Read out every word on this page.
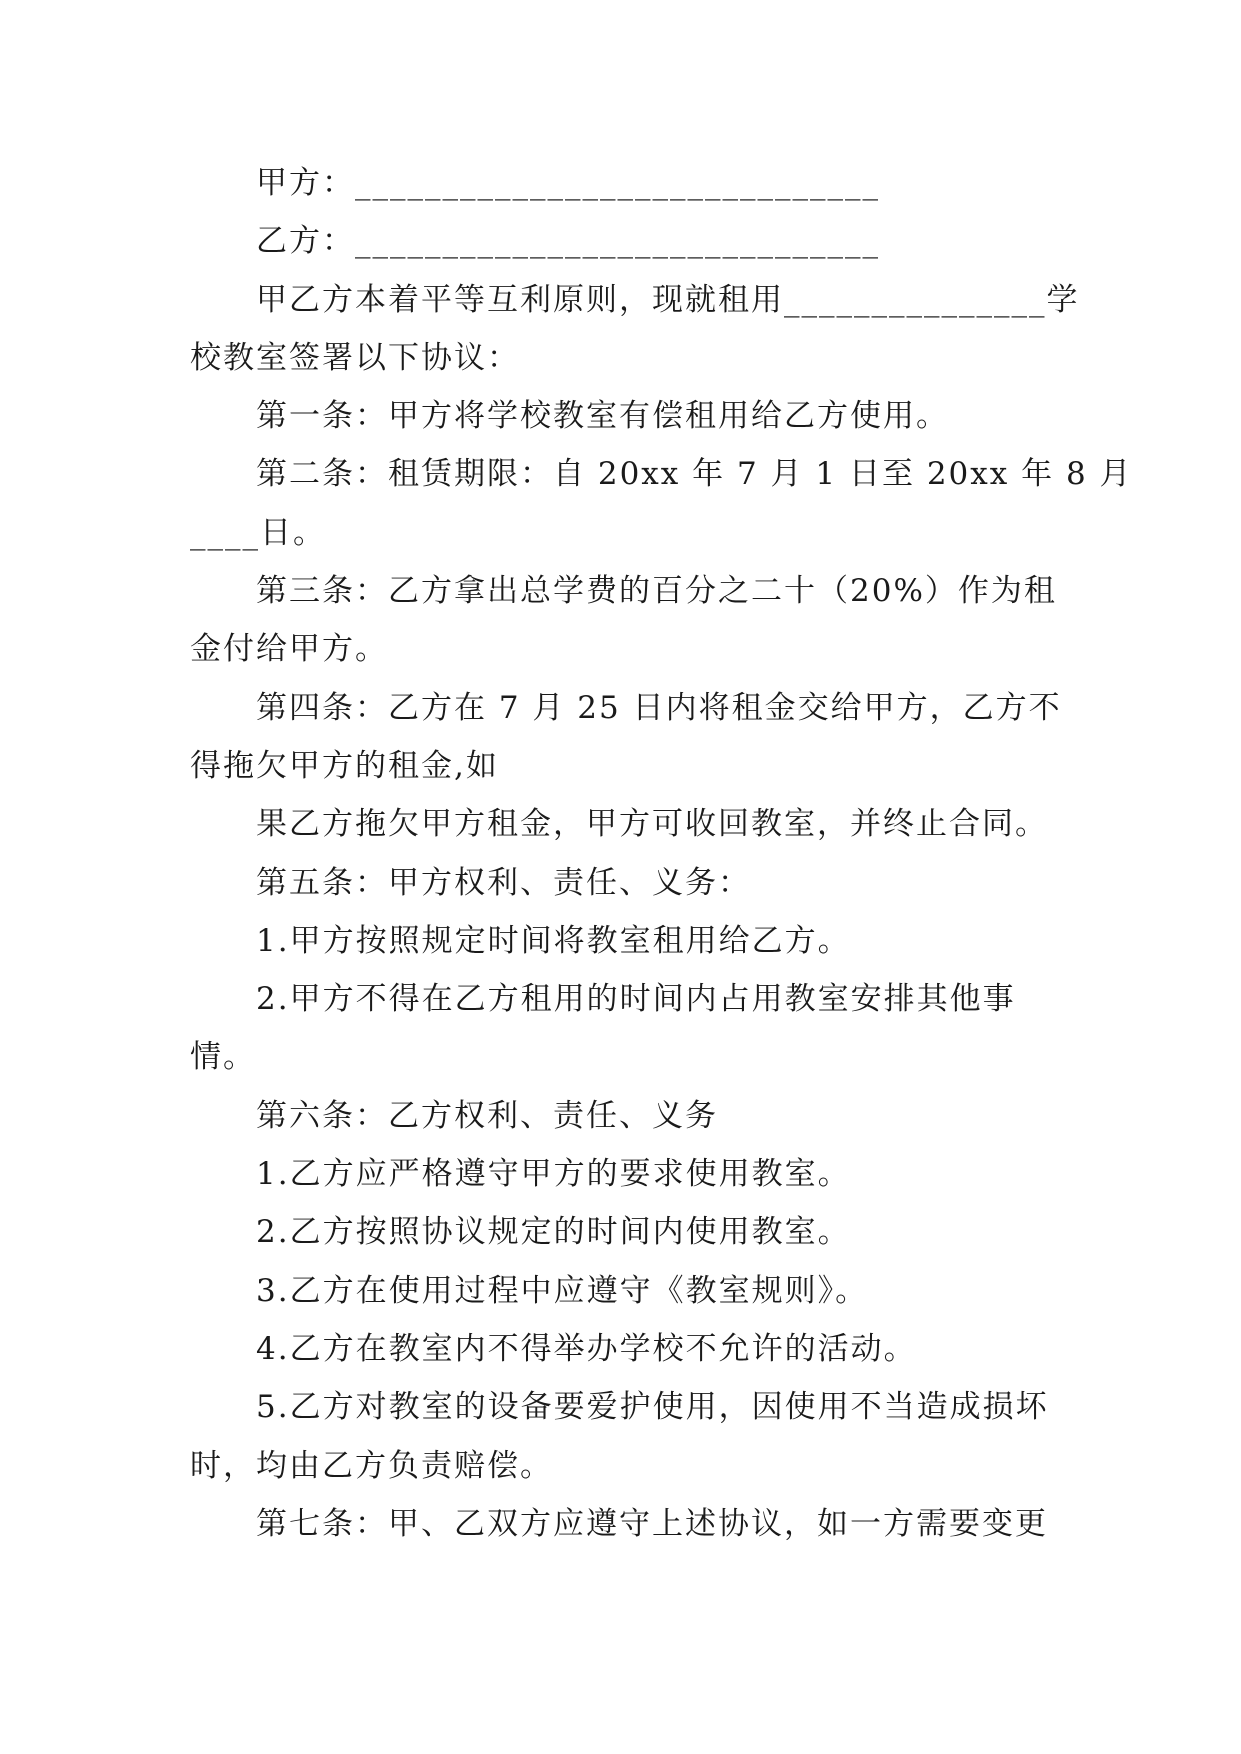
甲方：______________________________
乙方：______________________________
甲乙方本着平等互利原则，现就租用_______________学
校教室签署以下协议：
第一条：甲方将学校教室有偿租用给乙方使用。
第二条：租赁期限：自 20xx 年 7 月 1 日至 20xx 年 8 月
____日。
第三条：乙方拿出总学费的百分之二十（20%）作为租
金付给甲方。
第四条：乙方在 7 月 25 日内将租金交给甲方，乙方不
得拖欠甲方的租金,如
果乙方拖欠甲方租金，甲方可收回教室，并终止合同。
第五条：甲方权利、责任、义务：
1.甲方按照规定时间将教室租用给乙方。
2.甲方不得在乙方租用的时间内占用教室安排其他事
情。
第六条：乙方权利、责任、义务
1.乙方应严格遵守甲方的要求使用教室。
2.乙方按照协议规定的时间内使用教室。
3.乙方在使用过程中应遵守《教室规则》。
4.乙方在教室内不得举办学校不允许的活动。
5.乙方对教室的设备要爱护使用，因使用不当造成损坏
时，均由乙方负责赔偿。
第七条：甲、乙双方应遵守上述协议，如一方需要变更
